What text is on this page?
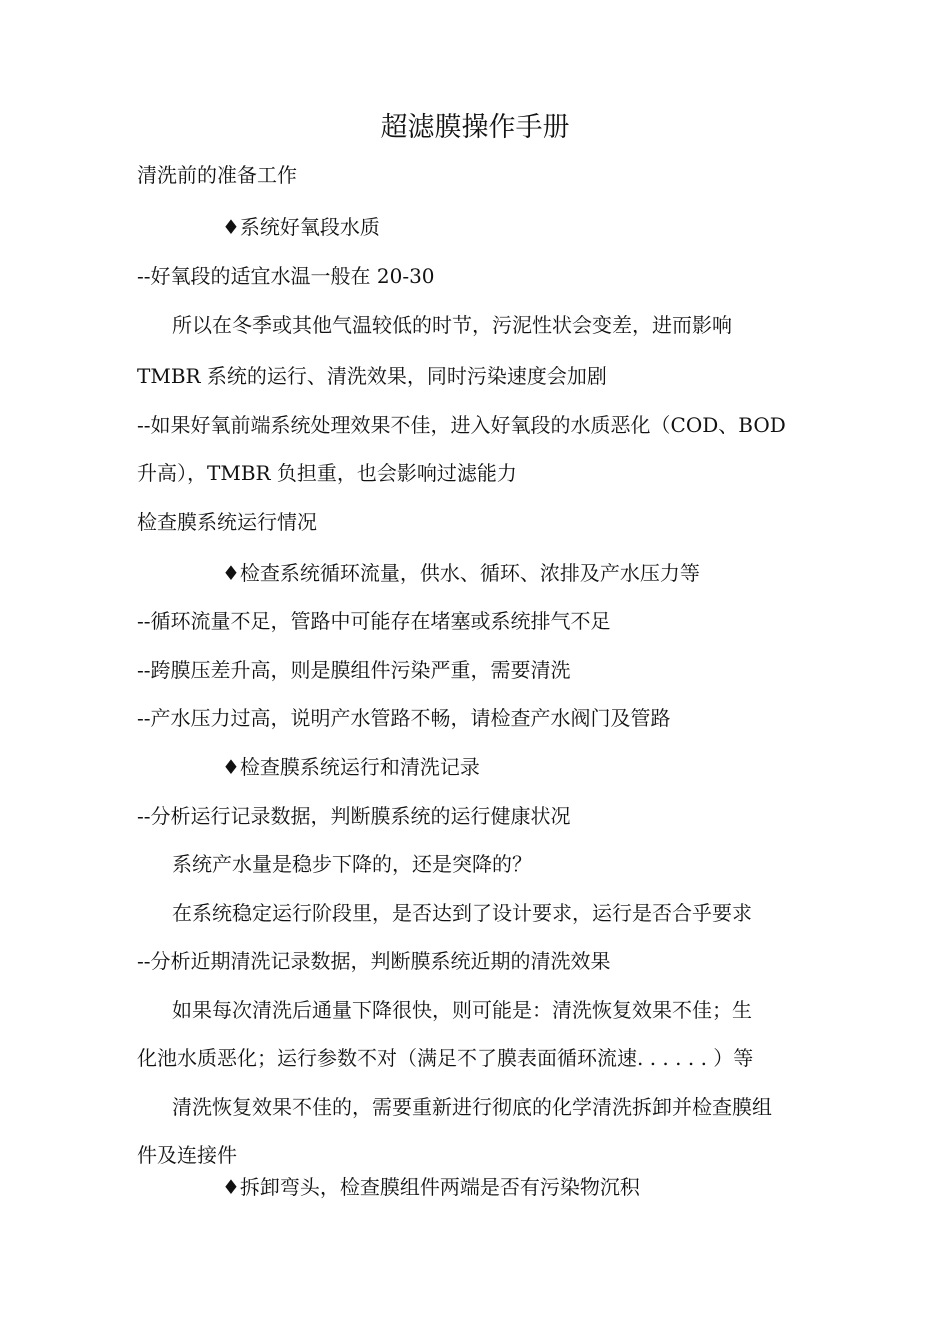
超滤膜操作手册
清洗前的准备工作
♦系统好氧段水质
--好氧段的适宜水温一般在 20-30
所以在冬季或其他气温较低的时节，污泥性状会变差，进而影响
TMBR 系统的运行、清洗效果，同时污染速度会加剧
--如果好氧前端系统处理效果不佳，进入好氧段的水质恶化（COD、BOD
升高），TMBR 负担重，也会影响过滤能力
检查膜系统运行情况
♦检查系统循环流量，供水、循环、浓排及产水压力等
--循环流量不足，管路中可能存在堵塞或系统排气不足
--跨膜压差升高，则是膜组件污染严重，需要清洗
--产水压力过高，说明产水管路不畅，请检查产水阀门及管路
♦检查膜系统运行和清洗记录
--分析运行记录数据，判断膜系统的运行健康状况
系统产水量是稳步下降的，还是突降的？
在系统稳定运行阶段里，是否达到了设计要求，运行是否合乎要求
--分析近期清洗记录数据，判断膜系统近期的清洗效果
如果每次清洗后通量下降很快，则可能是：清洗恢复效果不佳；生
化池水质恶化；运行参数不对（满足不了膜表面循环流速. . . . . . ）等
清洗恢复效果不佳的，需要重新进行彻底的化学清洗拆卸并检查膜组
件及连接件
♦拆卸弯头，检查膜组件两端是否有污染物沉积
